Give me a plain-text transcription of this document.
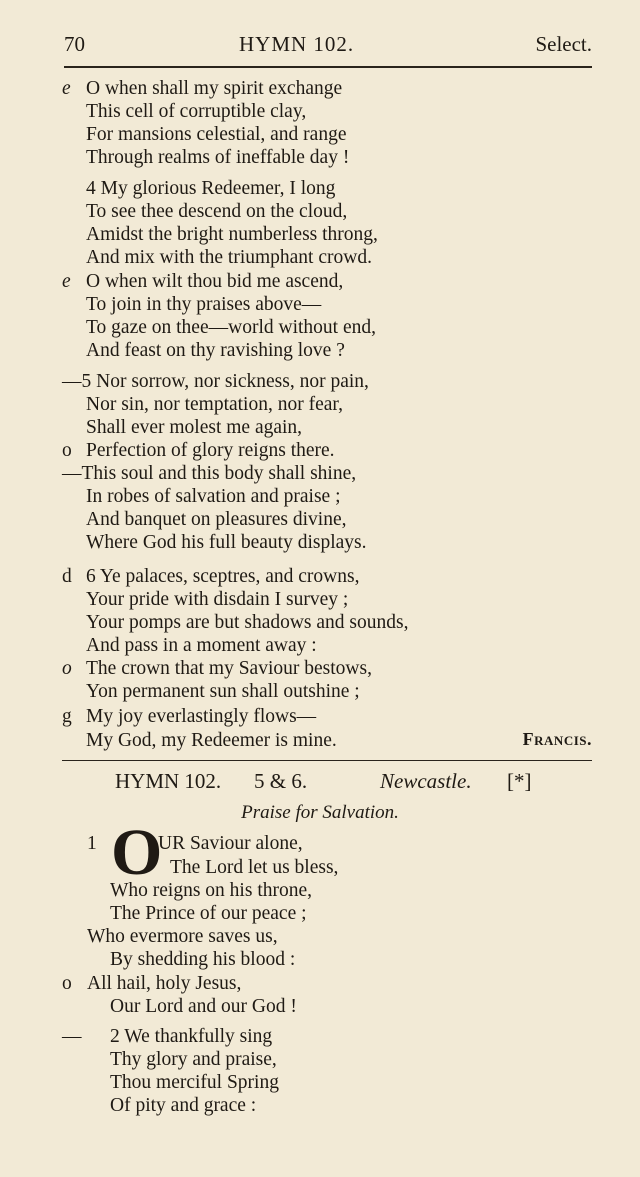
70	HYMN 102.	Select.
e O when shall my spirit exchange
This cell of corruptible clay,
For mansions celestial, and range
Through realms of ineffable day !
4 My glorious Redeemer, I long
To see thee descend on the cloud,
Amidst the bright numberless throng,
And mix with the triumphant crowd.
e O when wilt thou bid me ascend,
To join in thy praises above—
To gaze on thee—world without end,
And feast on thy ravishing love ?
—5 Nor sorrow, nor sickness, nor pain,
Nor sin, nor temptation, nor fear,
Shall ever molest me again,
o Perfection of glory reigns there.
—This soul and this body shall shine,
In robes of salvation and praise ;
And banquet on pleasures divine,
Where God his full beauty displays.
d 6 Ye palaces, sceptres, and crowns,
Your pride with disdain I survey ;
Your pomps are but shadows and sounds,
And pass in a moment away :
o The crown that my Saviour bestows,
Yon permanent sun shall outshine ;
g My joy everlastingly flows—
My God, my Redeemer is mine.	Francis.
HYMN 102. 5 & 6.	Newcastle. [*]
Praise for Salvation.
1 O
UR Saviour alone,
The Lord let us bless,
Who reigns on his throne,
The Prince of our peace ;
Who evermore saves us,
By shedding his blood :
o All hail, holy Jesus,
Our Lord and our God !
— 2 We thankfully sing
Thy glory and praise,
Thou merciful Spring
Of pity and grace :
